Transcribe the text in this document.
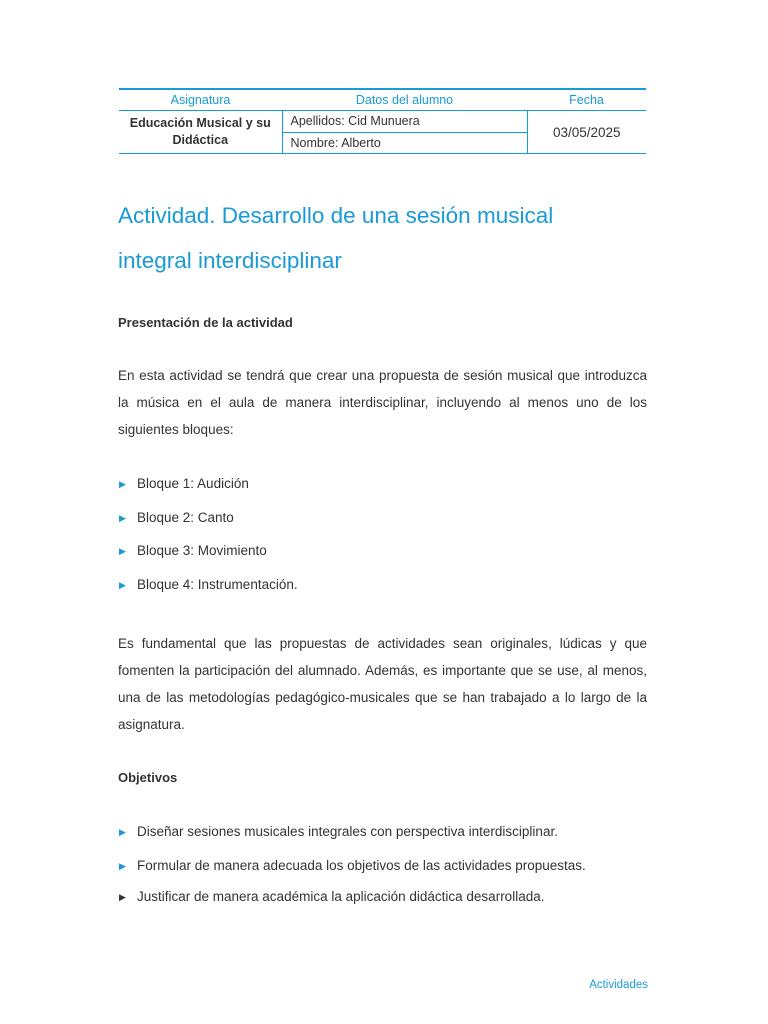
Asignatura	Datos del alumno	Fecha
Educación Musical y su
Didáctica	Apellidos: Cid Munuera	03/05/2025
	Nombre: Alberto	
Actividad. Desarrollo de una sesión musical
integral interdisciplinar
Presentación de la actividad

En esta actividad se tendrá que crear una propuesta de sesión musical que introduzca la música en el aula de manera interdisciplinar, incluyendo al menos uno de los siguientes bloques:

▶ Bloque 1: Audición
▶ Bloque 2: Canto
▶ Bloque 3: Movimiento
▶ Bloque 4: Instrumentación.

Es fundamental que las propuestas de actividades sean originales, lúdicas y que fomenten la participación del alumnado. Además, es importante que se use, al menos, una de las metodologías pedagógico-musicales que se han trabajado a lo largo de la asignatura.

Objetivos
▶ Diseñar sesiones musicales integrales con perspectiva interdisciplinar.
▶ Formular de manera adecuada los objetivos de las actividades propuestas.
▶ Justificar de manera académica la aplicación didáctica desarrollada.
Actividades
